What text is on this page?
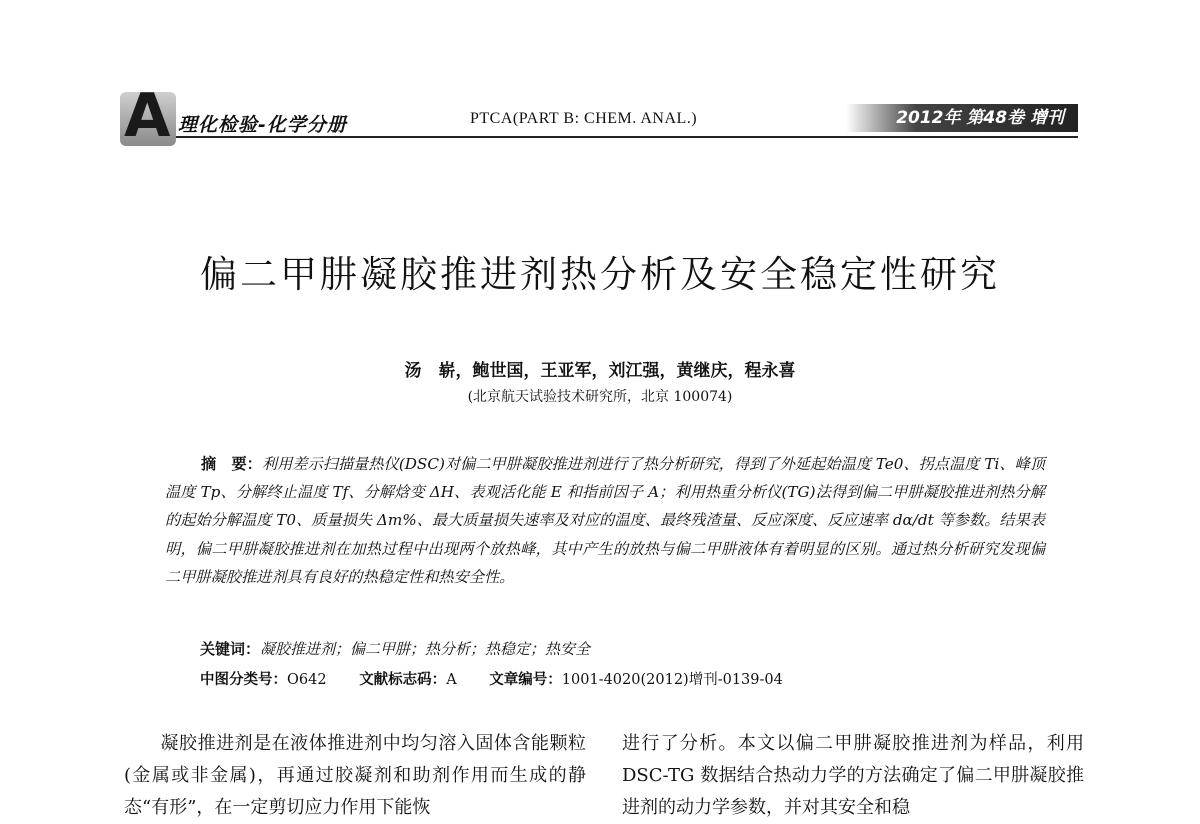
A 理化检验-化学分册	PTCA(PART B: CHEM. ANAL.)	2012年 第48卷 增刊
偏二甲肼凝胶推进剂热分析及安全稳定性研究
汤　崭，鲍世国，王亚军，刘江强，黄继庆，程永喜
(北京航天试验技术研究所，北京 100074)
摘　要：利用差示扫描量热仪(DSC)对偏二甲肼凝胶推进剂进行了热分析研究，得到了外延起始温度 Te0、拐点温度 Ti、峰顶温度 Tp、分解终止温度 Tf、分解焓变 ΔH、表观活化能 E 和指前因子 A；利用热重分析仪(TG)法得到偏二甲肼凝胶推进剂热分解的起始分解温度 T0、质量损失 Δm%、最大质量损失速率及对应的温度、最终残渣量、反应深度、反应速率 dα/dt 等参数。结果表明，偏二甲肼凝胶推进剂在加热过程中出现两个放热峰，其中产生的放热与偏二甲肼液体有着明显的区别。通过热分析研究发现偏二甲肼凝胶推进剂具有良好的热稳定性和热安全性。
关键词：凝胶推进剂；偏二甲肼；热分析；热稳定；热安全
中图分类号：O642 文献标志码：A 文章编号：1001-4020(2012)增刊-0139-04
凝胶推进剂是在液体推进剂中均匀溶入固体含能颗粒(金属或非金属)，再通过胶凝剂和助剂作用而生成的静态“有形”，在一定剪切应力作用下能恢
进行了分析。本文以偏二甲肼凝胶推进剂为样品，利用 DSC-TG 数据结合热动力学的方法确定了偏二甲肼凝胶推进剂的动力学参数，并对其安全和稳
